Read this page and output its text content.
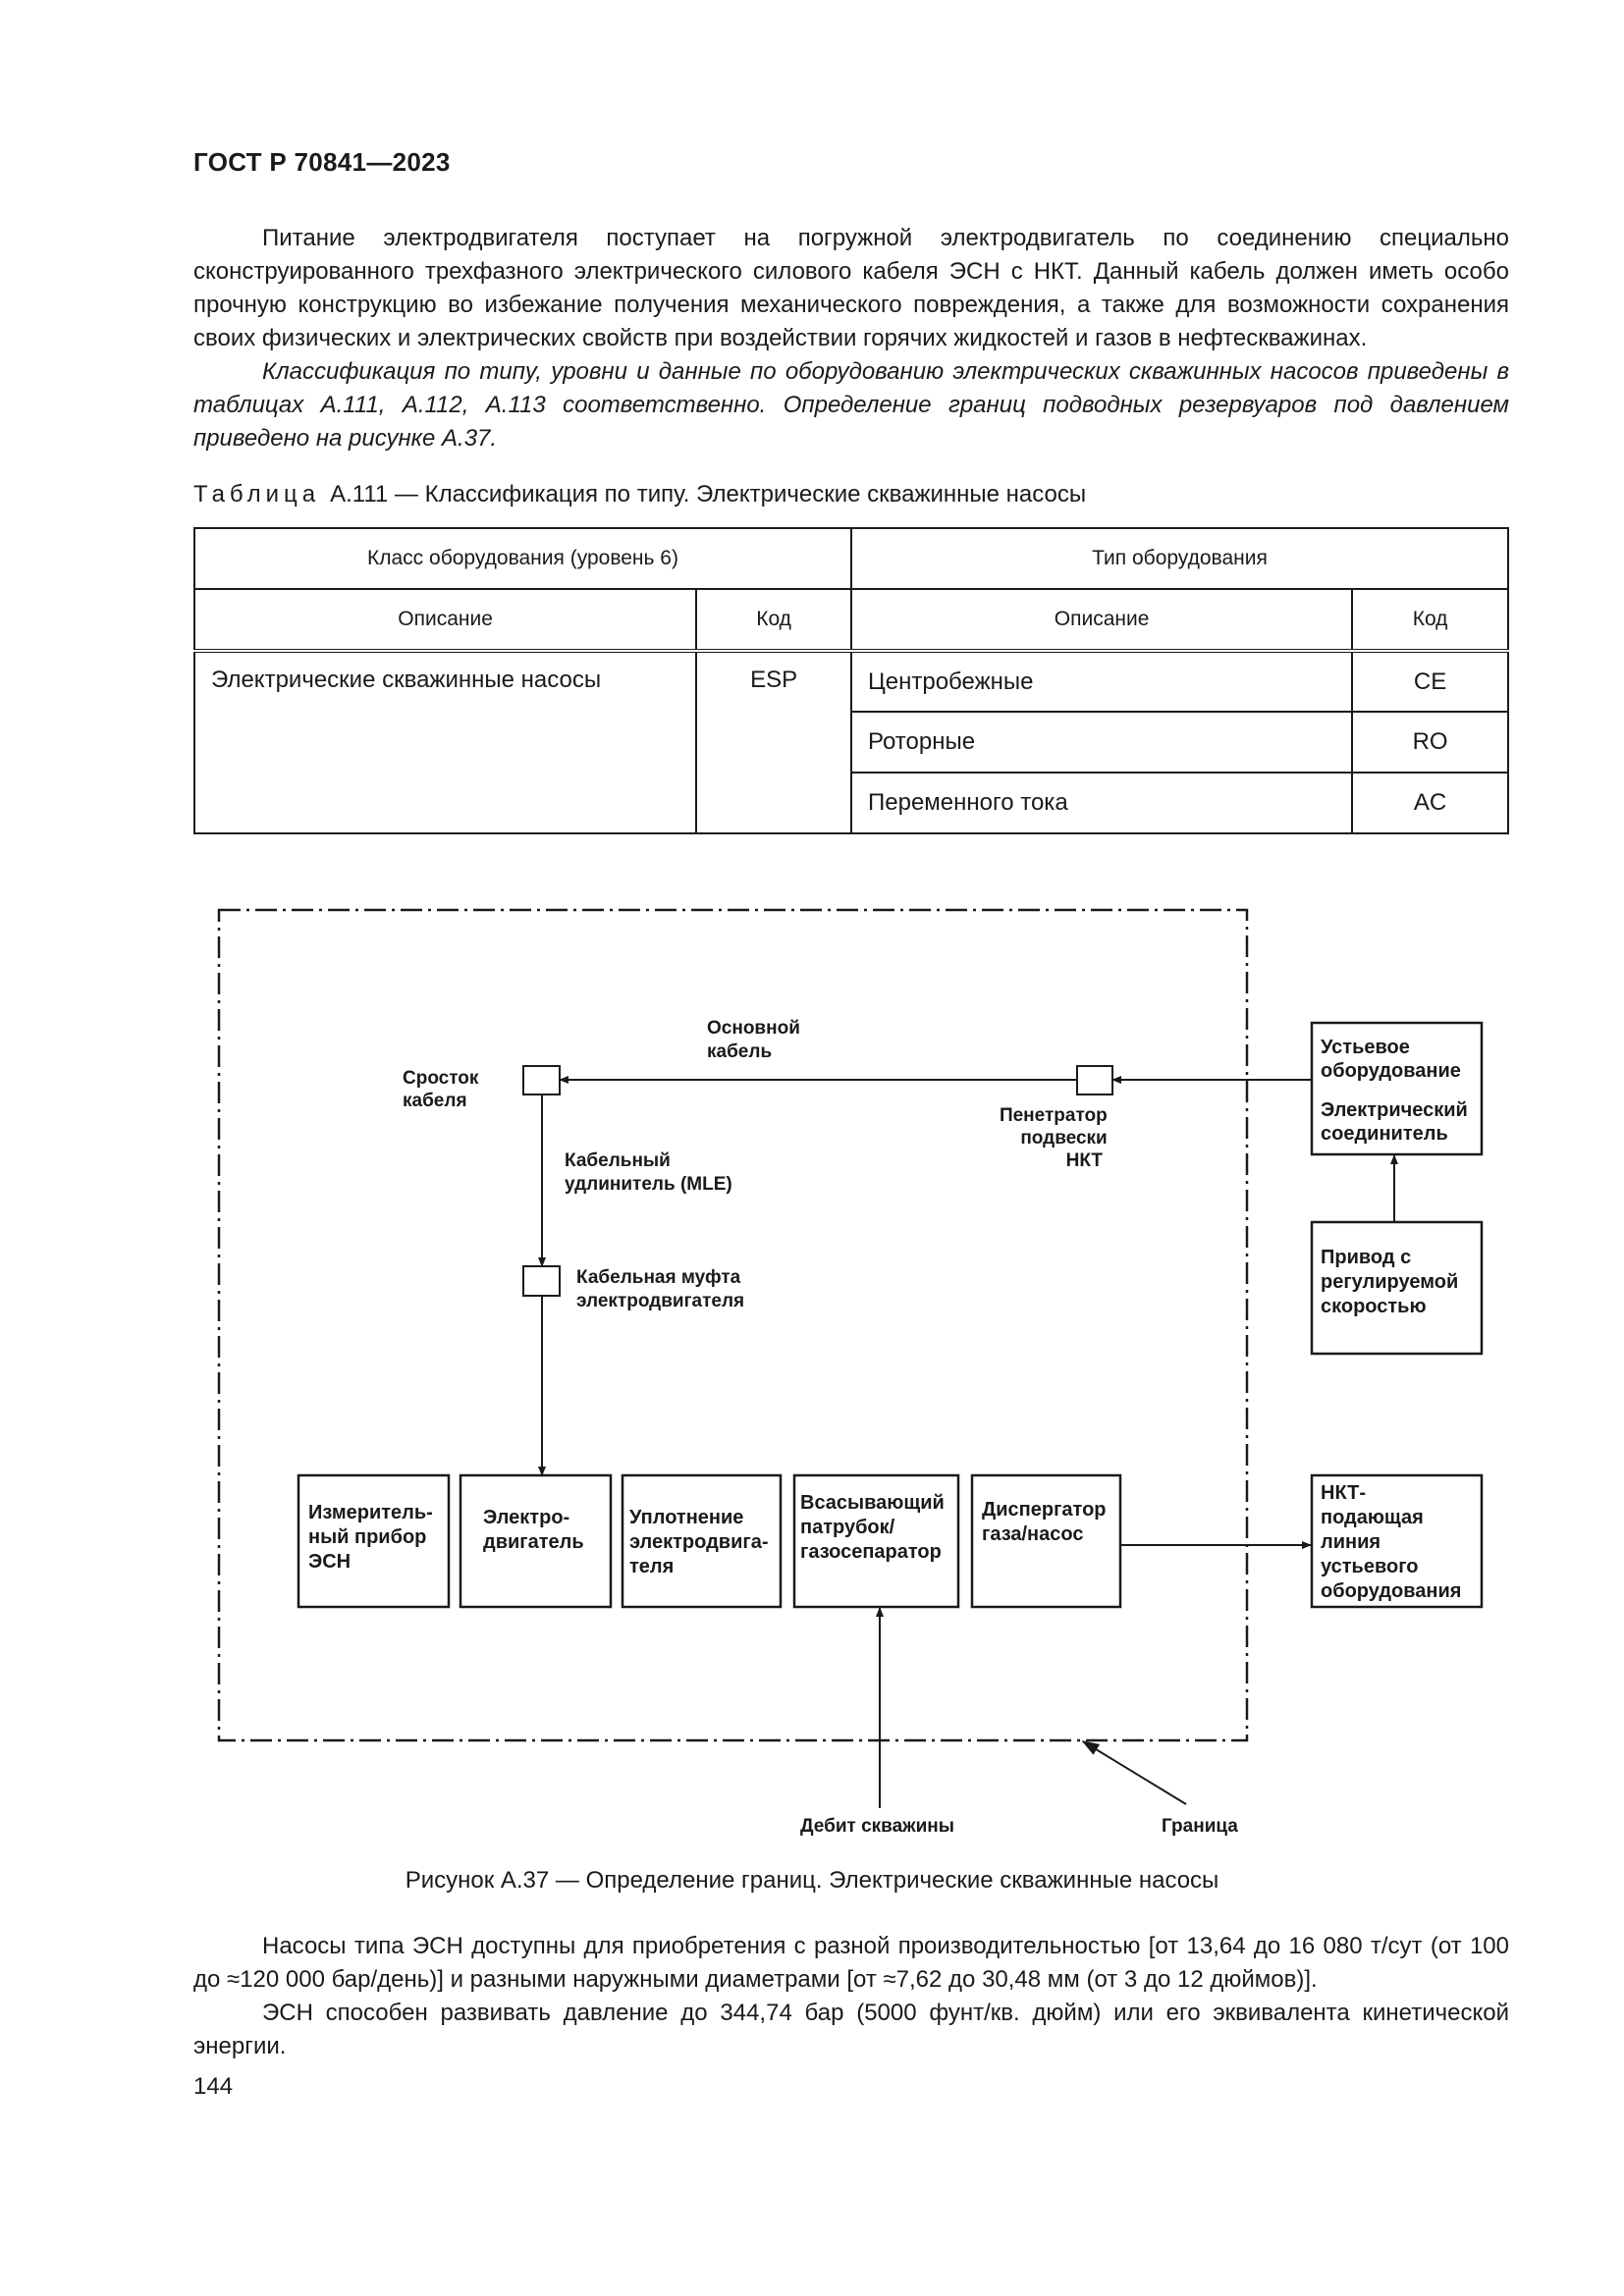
ГОСТ Р 70841—2023

Питание электродвигателя поступает на погружной электродвигатель по соединению специально сконструированного трехфазного электрического силового кабеля ЭСН с НКТ. Данный кабель должен иметь особо прочную конструкцию во избежание получения механического повреждения, а также для возможности сохранения своих физических и электрических свойств при воздействии горячих жидкостей и газов в нефтескважинах.

Классификация по типу, уровни и данные по оборудованию электрических скважинных насосов приведены в таблицах А.111, А.112, А.113 соответственно. Определение границ подводных резервуаров под давлением приведено на рисунке А.37.

Таблица А.111 — Классификация по типу. Электрические скважинные насосы
Класс оборудования (уровень 6)		Тип оборудования	
Описание	Код	Описание	Код
Электрические скважинные насосы	ESP	Центробежные	CE
		Роторные	RO
		Переменного тока	AC
Сросток кабеля
Основной кабель
Пенетратор подвески НКТ
Кабельный удлинитель (MLE)
Кабельная муфта электродвигателя
Дебит скважины	Граница
Устьевое оборудование
Электрический соединитель
Привод с регулируемой скоростью
Измеритель- ный прибор ЭСН
Электро- двигатель
Уплотнение электродвига- теля
Всасывающий патрубок/ газосепаратор
Диспергатор газа/насос
НКТ- подающая линия устьевого оборудования
Рисунок А.37 — Определение границ. Электрические скважинные насосы

Насосы типа ЭСН доступны для приобретения с разной производительностью [от 13,64 до 16 080 т/сут (от 100 до ≈120 000 бар/день)] и разными наружными диаметрами [от ≈7,62 до 30,48 мм (от 3 до 12 дюймов)].

ЭСН способен развивать давление до 344,74 бар (5000 фунт/кв. дюйм) или его эквивалента кинетической энергии.

144
